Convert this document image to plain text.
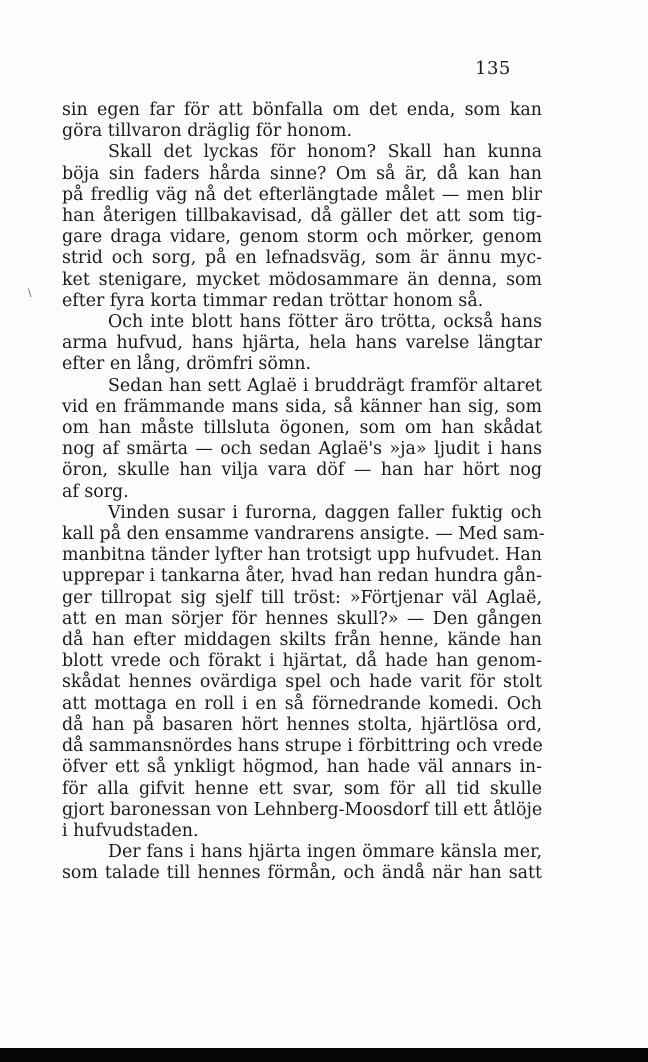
135
\
sin egen far för att bönfalla om det enda, som kan
göra tillvaron dräglig för honom.
Skall det lyckas för honom? Skall han kunna
böja sin faders hårda sinne? Om så är, då kan han
på fredlig väg nå det efterlängtade målet — men blir
han återigen tillbakavisad, då gäller det att som tig-
gare draga vidare, genom storm och mörker, genom
strid och sorg, på en lefnadsväg, som är ännu myc-
ket stenigare, mycket mödosammare än denna, som
efter fyra korta timmar redan tröttar honom så.
Och inte blott hans fötter äro trötta, också hans
arma hufvud, hans hjärta, hela hans varelse längtar
efter en lång, drömfri sömn.
Sedan han sett Aglaë i bruddrägt framför altaret
vid en främmande mans sida, så känner han sig, som
om han måste tillsluta ögonen, som om han skådat
nog af smärta — och sedan Aglaë's »ja» ljudit i hans
öron, skulle han vilja vara döf — han har hört nog
af sorg.
Vinden susar i furorna, daggen faller fuktig och
kall på den ensamme vandrarens ansigte. — Med sam-
manbitna tänder lyfter han trotsigt upp hufvudet. Han
upprepar i tankarna åter, hvad han redan hundra gån-
ger tillropat sig sjelf till tröst: »Förtjenar väl Aglaë,
att en man sörjer för hennes skull?» — Den gången
då han efter middagen skilts från henne, kände han
blott vrede och förakt i hjärtat, då hade han genom-
skådat hennes ovärdiga spel och hade varit för stolt
att mottaga en roll i en så förnedrande komedi. Och
då han på basaren hört hennes stolta, hjärtlösa ord,
då sammansnördes hans strupe i förbittring och vrede
öfver ett så ynkligt högmod, han hade väl annars in-
för alla gifvit henne ett svar, som för all tid skulle
gjort baronessan von Lehnberg-Moosdorf till ett åtlöje
i hufvudstaden.
Der fans i hans hjärta ingen ömmare känsla mer,
som talade till hennes förmån, och ändå när han satt
